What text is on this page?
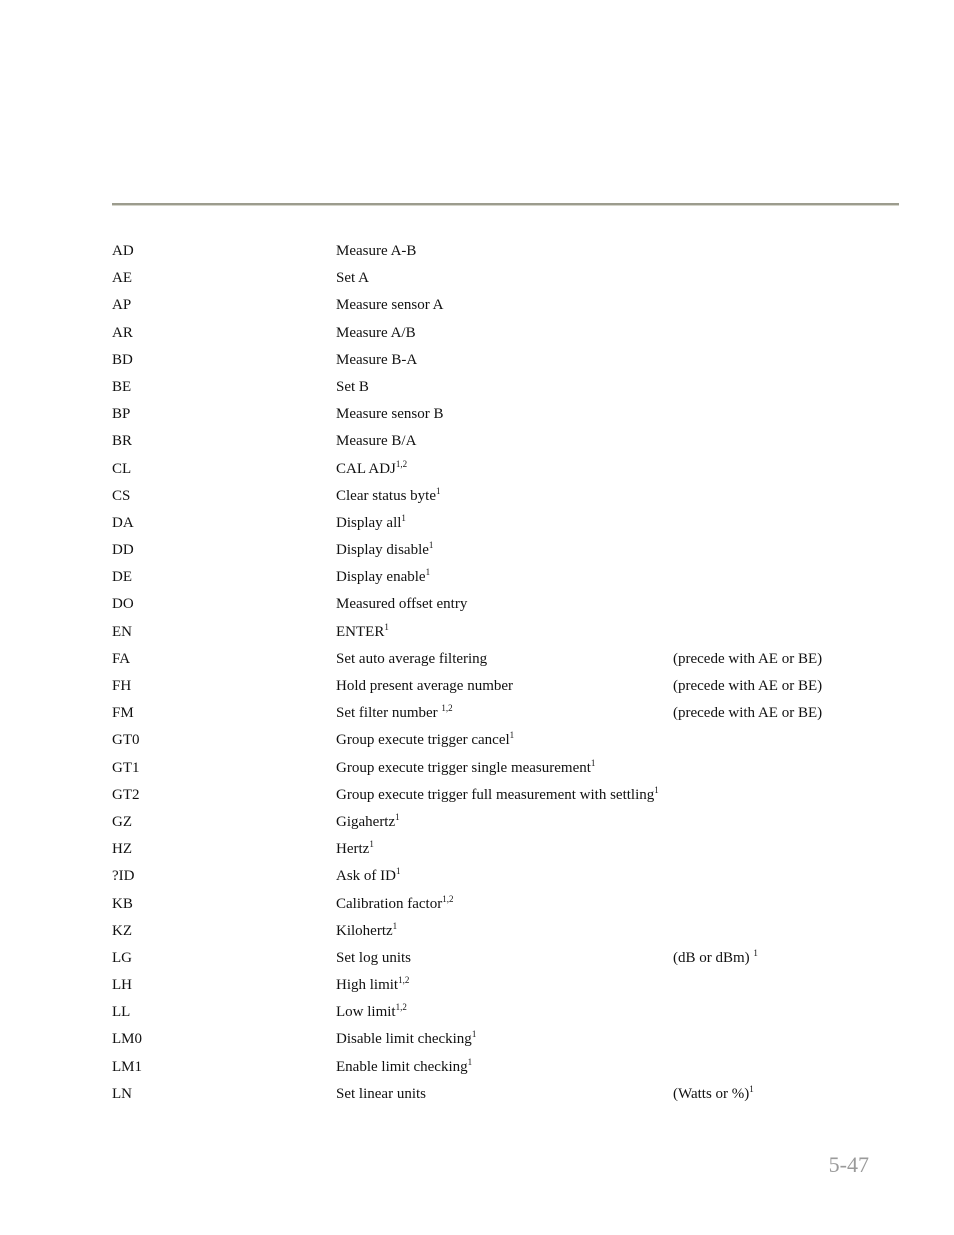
AD	Measure A-B
AE	Set A
AP	Measure sensor A
AR	Measure A/B
BD	Measure B-A
BE	Set B
BP	Measure sensor B
BR	Measure B/A
CL	CAL ADJ$^{1,2}$
CS	Clear status byte$^1$
DA	Display all$^1$
DD	Display disable$^1$
DE	Display enable$^1$
DO	Measured offset entry
EN	ENTER$^1$
FA	Set auto average filtering	(precede with AE or BE)
FH	Hold present average number	(precede with AE or BE)
FM	Set filter number $^{1,2}$	(precede with AE or BE)
GT0	Group execute trigger cancel$^1$
GT1	Group execute trigger single measurement$^1$
GT2	Group execute trigger full measurement with settling$^1$
GZ	Gigahertz$^1$
HZ	Hertz$^1$
?ID	Ask of $ID^1$
KB	Calibration factor$^{1,2}$
KZ	Kilohertz$^1$
LG	Set log units	(dB or dBm) $^1$
LH	High limit$^{1,2}$
LL	Low limit$^{1,2}$
LM0	Disable limit checking$^1$
LM1	Enable limit checking$^1$
LN	Set linear units	(Watts or %)$^1$
5-47
